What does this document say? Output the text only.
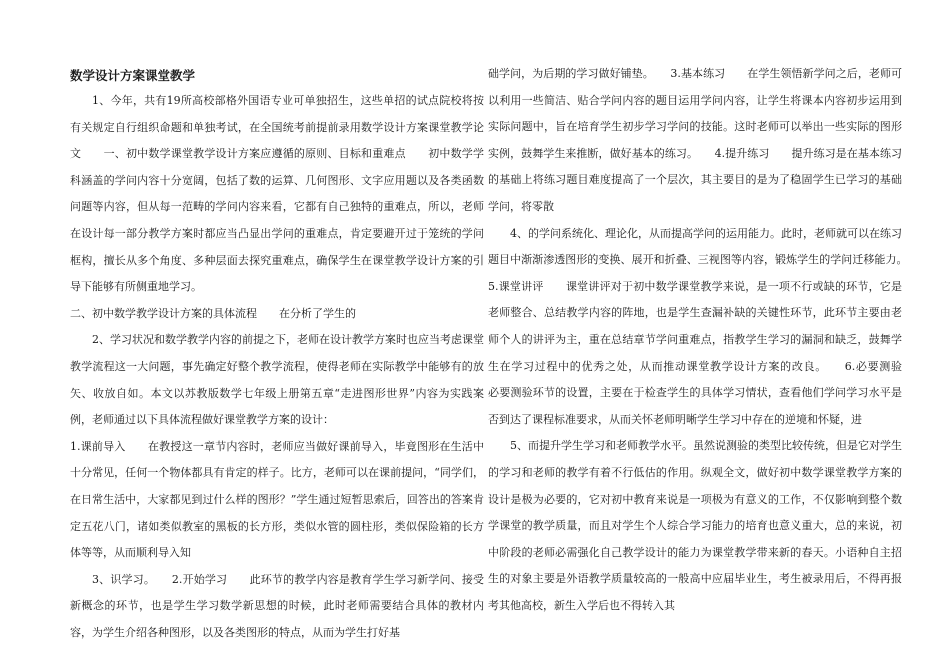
数学设计方案课堂教学

1、今年，共有19所高校部格外国语专业可单独招生，这些单招的试点院校将按有关规定自行组织命题和单独考试，在全国统考前提前录用数学设计方案课堂教学论文　　一、初中数学课堂教学设计方案应遵循的原则、目标和重难点　　初中数学学科涵盖的学问内容十分宽阔，包括了数的运算、几何图形、文字应用题以及各类函数问题等内容，但从每一范畴的学问内容来看，它都有自己独特的重难点，所以，老师在设计每一部分教学方案时都应当凸显出学问的重难点，肯定要避开过于笼统的学问框构，擅长从多个角度、多种层面去探究重难点，确保学生在课堂教学设计方案的引导下能够有所侧重地学习。

二、初中数学教学设计方案的具体流程　　在分析了学生的

2、学习状况和数学教学内容的前提之下，老师在设计教学方案时也应当考虑课堂教学流程这一大问题，事先确定好整个教学流程，使得老师在实际教学中能够有的放矢、收放自如。本文以苏教版数学七年级上册第五章“走进图形世界”内容为实践案例，老师通过以下具体流程做好课堂教学方案的设计：

1.课前导入　　在教授这一章节内容时，老师应当做好课前导入，毕竟图形在生活中十分常见，任何一个物体都具有肯定的样子。比方，老师可以在课前提问，“同学们，在日常生活中，大家都见到过什么样的图形？”学生通过短暂思索后，回答出的答案肯定五花八门，诸如类似教室的黑板的长方形，类似水管的圆柱形，类似保险箱的长方体等等，从而顺利导入知

3、识学习。　　2.开始学习　　此环节的教学内容是教育学生学习新学问、接受新概念的环节，也是学生学习数学新思想的时候，此时老师需要结合具体的教材内容，为学生介绍各种图形，以及各类图形的特点，从而为学生打好基

础学问，为后期的学习做好铺垫。　　3.基本练习　　在学生领悟新学问之后，老师可以利用一些简洁、贴合学问内容的题目运用学问内容，让学生将课本内容初步运用到实际问题中，旨在培育学生初步学习学问的技能。这时老师可以举出一些实际的图形实例，鼓舞学生来推断，做好基本的练习。　　4.提升练习　　提升练习是在基本练习的基础上将练习题目难度提高了一个层次，其主要目的是为了稳固学生已学习的基础学问，将零散

4、的学问系统化、理论化，从而提高学问的运用能力。此时，老师就可以在练习题目中渐渐渗透图形的变换、展开和折叠、三视图等内容，锻炼学生的学问迁移能力。　　5.课堂讲评　　课堂讲评对于初中数学课堂教学来说，是一项不行或缺的环节，它是老师整合、总结教学内容的阵地，也是学生查漏补缺的关键性环节，此环节主要由老师个人的讲评为主，重在总结章节学问重难点，指教学生学习的漏洞和缺乏，鼓舞学生在学习过程中的优秀之处，从而推动课堂教学设计方案的改良。　　6.必要测验　　必要测验环节的设置，主要在于检查学生的具体学习情状，查看他们学问学习水平是否到达了课程标准要求，从而关怀老师明晰学生学习中存在的逆境和怀疑，进

5、而提升学生学习和老师教学水平。虽然说测验的类型比较传统，但是它对学生的学习和老师的教学有着不行低估的作用。纵观全文，做好初中数学课堂教学方案的设计是极为必要的，它对初中教育来说是一项极为有意义的工作，不仅影响到整个数学课堂的教学质量，而且对学生个人综合学习能力的培育也意义重大，总的来说，初中阶段的老师必需强化自己教学设计的能力为课堂教学带来新的春天。小语种自主招生的对象主要是外语教学质量较高的一般高中应届毕业生，考生被录用后，不得再报考其他高校，新生入学后也不得转入其
